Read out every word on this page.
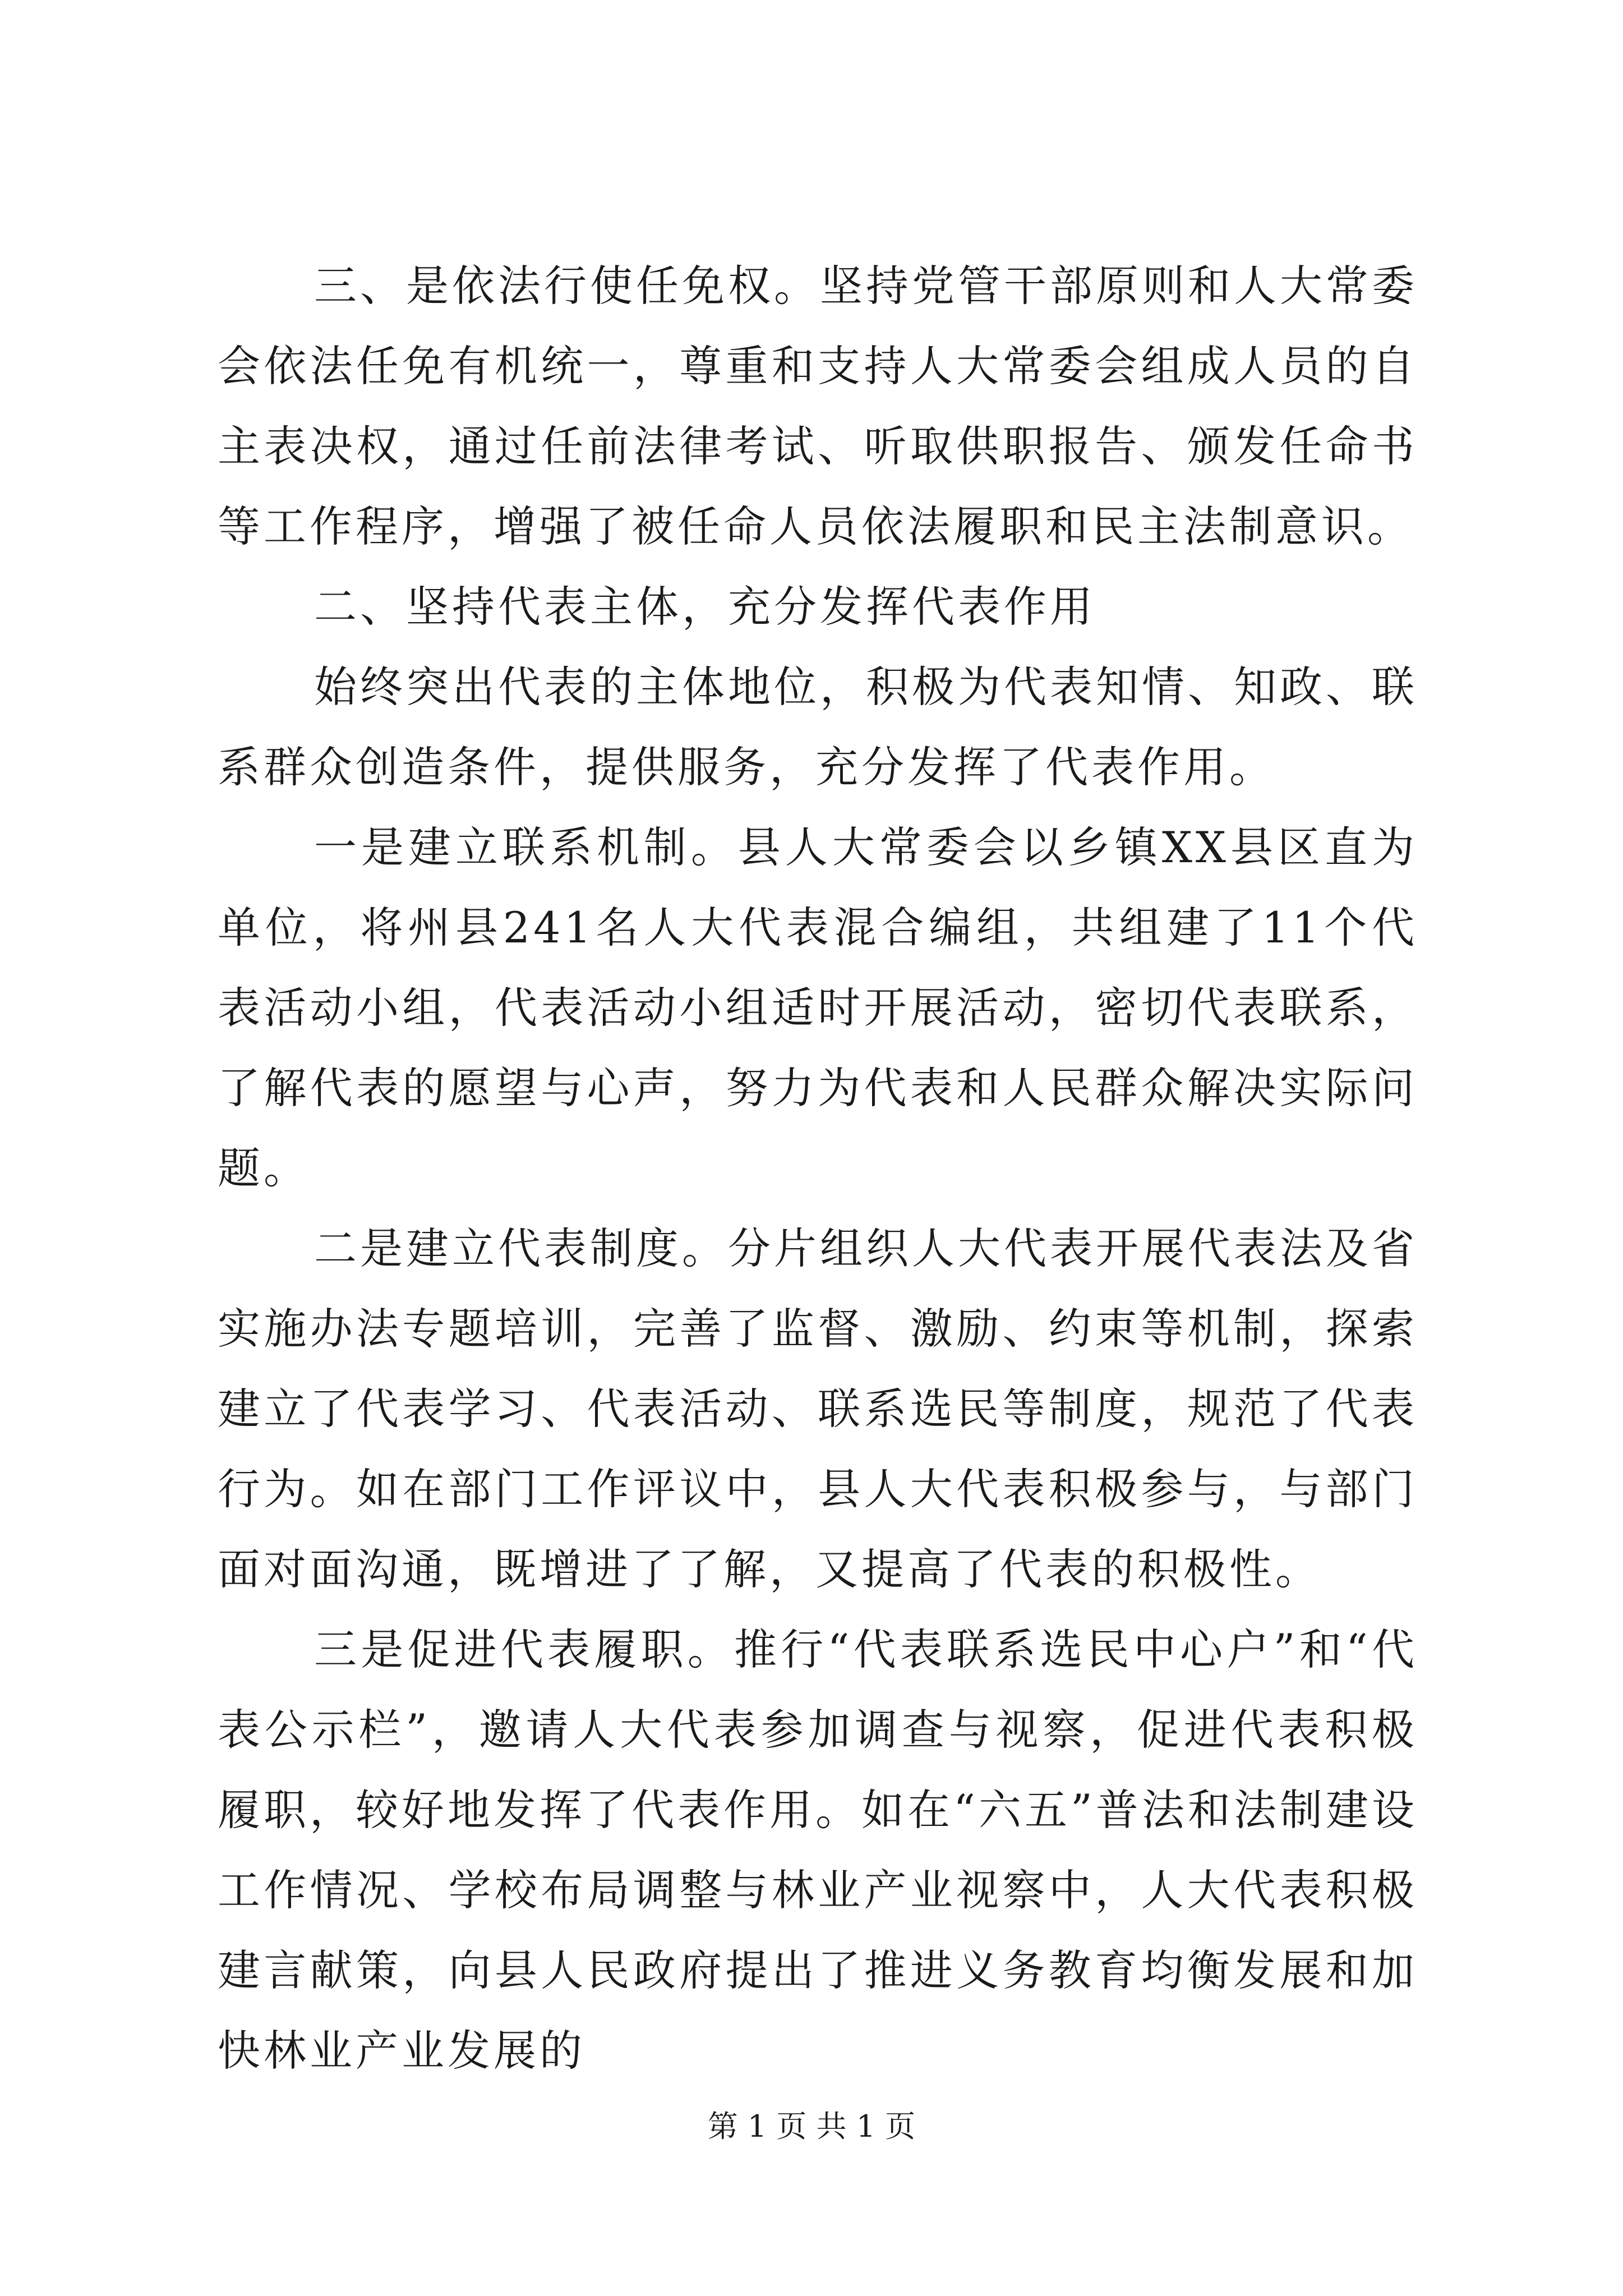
三、是依法行使任免权。坚持党管干部原则和人大常委会依法任免有机统一，尊重和支持人大常委会组成人员的自主表决权，通过任前法律考试、听取供职报告、颁发任命书等工作程序，增强了被任命人员依法履职和民主法制意识。

二、坚持代表主体，充分发挥代表作用

始终突出代表的主体地位，积极为代表知情、知政、联系群众创造条件，提供服务，充分发挥了代表作用。

一是建立联系机制。县人大常委会以乡镇XX县区直为单位，将州县241名人大代表混合编组，共组建了11个代表活动小组，代表活动小组适时开展活动，密切代表联系，了解代表的愿望与心声，努力为代表和人民群众解决实际问题。

二是建立代表制度。分片组织人大代表开展代表法及省实施办法专题培训，完善了监督、激励、约束等机制，探索建立了代表学习、代表活动、联系选民等制度，规范了代表行为。如在部门工作评议中，县人大代表积极参与，与部门面对面沟通，既增进了了解，又提高了代表的积极性。

三是促进代表履职。推行“代表联系选民中心户”和“代表公示栏”，邀请人大代表参加调查与视察，促进代表积极履职，较好地发挥了代表作用。如在“六五”普法和法制建设工作情况、学校布局调整与林业产业视察中，人大代表积极建言献策，向县人民政府提出了推进义务教育均衡发展和加快林业产业发展的

第 1 页 共 1 页
